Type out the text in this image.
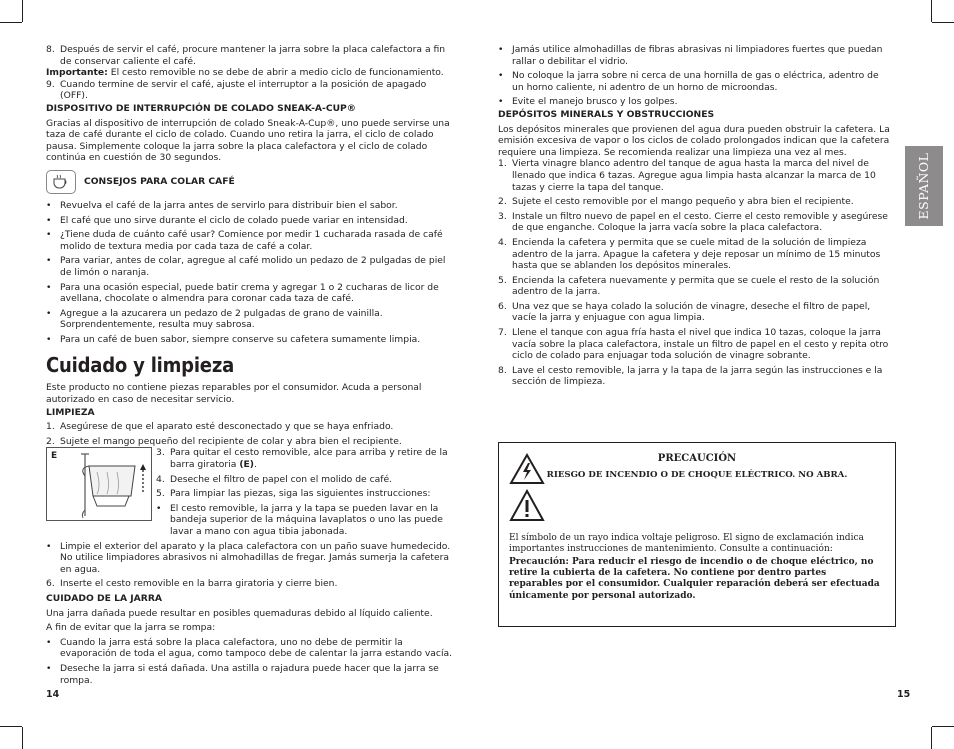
8. Después de servir el café, procure mantener la jarra sobre la placa calefactora a fin de conservar caliente el café.

Importante: El cesto removible no se debe de abrir a medio ciclo de funcionamiento.

9. Cuando termine de servir el café, ajuste el interruptor a la posición de apagado (OFF).

DISPOSITIVO DE INTERRUPCIÓN DE COLADO SNEAK-A-CUP®

Gracias al dispositivo de interrupción de colado Sneak-A-Cup®, uno puede servirse una taza de café durante el ciclo de colado. Cuando uno retira la jarra, el ciclo de colado pausa. Simplemente coloque la jarra sobre la placa calefactora y el ciclo de colado continúa en cuestión de 30 segundos.

CONSEJOS PARA COLAR CAFÉ

• Revuelva el café de la jarra antes de servirlo para distribuir bien el sabor.

• El café que uno sirve durante el ciclo de colado puede variar en intensidad.

• ¿Tiene duda de cuánto café usar? Comience por medir 1 cucharada rasada de café molido de textura media por cada taza de café a colar.

• Para variar, antes de colar, agregue al café molido un pedazo de 2 pulgadas de piel de limón o naranja.

• Para una ocasión especial, puede batir crema y agregar 1 o 2 cucharas de licor de avellana, chocolate o almendra para coronar cada taza de café.

• Agregue a la azucarera un pedazo de 2 pulgadas de grano de vainilla. Sorprendentemente, resulta muy sabrosa.

• Para un café de buen sabor, siempre conserve su cafetera sumamente limpia.

Cuidado y limpieza

Este producto no contiene piezas reparables por el consumidor. Acuda a personal autorizado en caso de necesitar servicio.

LIMPIEZA

1. Asegúrese de que el aparato esté desconectado y que se haya enfriado.

2. Sujete el mango pequeño del recipiente de colar y abra bien el recipiente.

E	3. Para quitar el cesto removible, alce para arriba y retire de la barra giratoria (E).

4. Deseche el filtro de papel con el molido de café.

5. Para limpiar las piezas, siga las siguientes instrucciones:

• El cesto removible, la jarra y la tapa se pueden lavar en la bandeja superior de la máquina lavaplatos o uno las puede lavar a mano con agua tibia jabonada.

• Limpie el exterior del aparato y la placa calefactora con un paño suave humedecido. No utilice limpiadores abrasivos ni almohadillas de fregar. Jamás sumerja la cafetera en agua.

6. Inserte el cesto removible en la barra giratoria y cierre bien.

CUIDADO DE LA JARRA

Una jarra dañada puede resultar en posibles quemaduras debido al líquido caliente.

A fin de evitar que la jarra se rompa:

• Cuando la jarra está sobre la placa calefactora, uno no debe de permitir la evaporación de toda el agua, como tampoco debe de calentar la jarra estando vacía.

• Deseche la jarra si está dañada. Una astilla o rajadura puede hacer que la jarra se rompa.

• Jamás utilice almohadillas de fibras abrasivas ni limpiadores fuertes que puedan rallar o debilitar el vidrio.

• No coloque la jarra sobre ni cerca de una hornilla de gas o eléctrica, adentro de un horno caliente, ni adentro de un horno de microondas.

• Evite el manejo brusco y los golpes.

DEPÓSITOS MINERALS Y OBSTRUCCIONES

Los depósitos minerales que provienen del agua dura pueden obstruir la cafetera. La emisión excesiva de vapor o los ciclos de colado prolongados indican que la cafetera requiere una limpieza. Se recomienda realizar una limpieza una vez al mes.

1. Vierta vinagre blanco adentro del tanque de agua hasta la marca del nivel de llenado que indica 6 tazas. Agregue agua limpia hasta alcanzar la marca de 10 tazas y cierre la tapa del tanque.

2. Sujete el cesto removible por el mango pequeño y abra bien el recipiente.

3. Instale un filtro nuevo de papel en el cesto. Cierre el cesto removible y asegúrese de que enganche. Coloque la jarra vacía sobre la placa calefactora.

4. Encienda la cafetera y permita que se cuele mitad de la solución de limpieza adentro de la jarra. Apague la cafetera y deje reposar un mínimo de 15 minutos hasta que se ablanden los depósitos minerales.

5. Encienda la cafetera nuevamente y permita que se cuele el resto de la solución adentro de la jarra.

6. Una vez que se haya colado la solución de vinagre, deseche el filtro de papel, vacíe la jarra y enjuague con agua limpia.

7. Llene el tanque con agua fría hasta el nivel que indica 10 tazas, coloque la jarra vacía sobre la placa calefactora, instale un filtro de papel en el cesto y repita otro ciclo de colado para enjuagar toda solución de vinagre sobrante.

8. Lave el cesto removible, la jarra y la tapa de la jarra según las instrucciones e la sección de limpieza.

ESPAÑOL
PRECAUCIÓN
RIESGO DE INCENDIO O DE CHOQUE ELÉCTRICO. NO ABRA.
El símbolo de un rayo indica voltaje peligroso. El signo de exclamación indica importantes instrucciones de mantenimiento. Consulte a continuación:
Precaución: Para reducir el riesgo de incendio o de choque eléctrico, no retire la cubierta de la cafetera. No contiene por dentro partes reparables por el consumidor. Cualquier reparación deberá ser efectuada únicamente por personal autorizado.
14	15
